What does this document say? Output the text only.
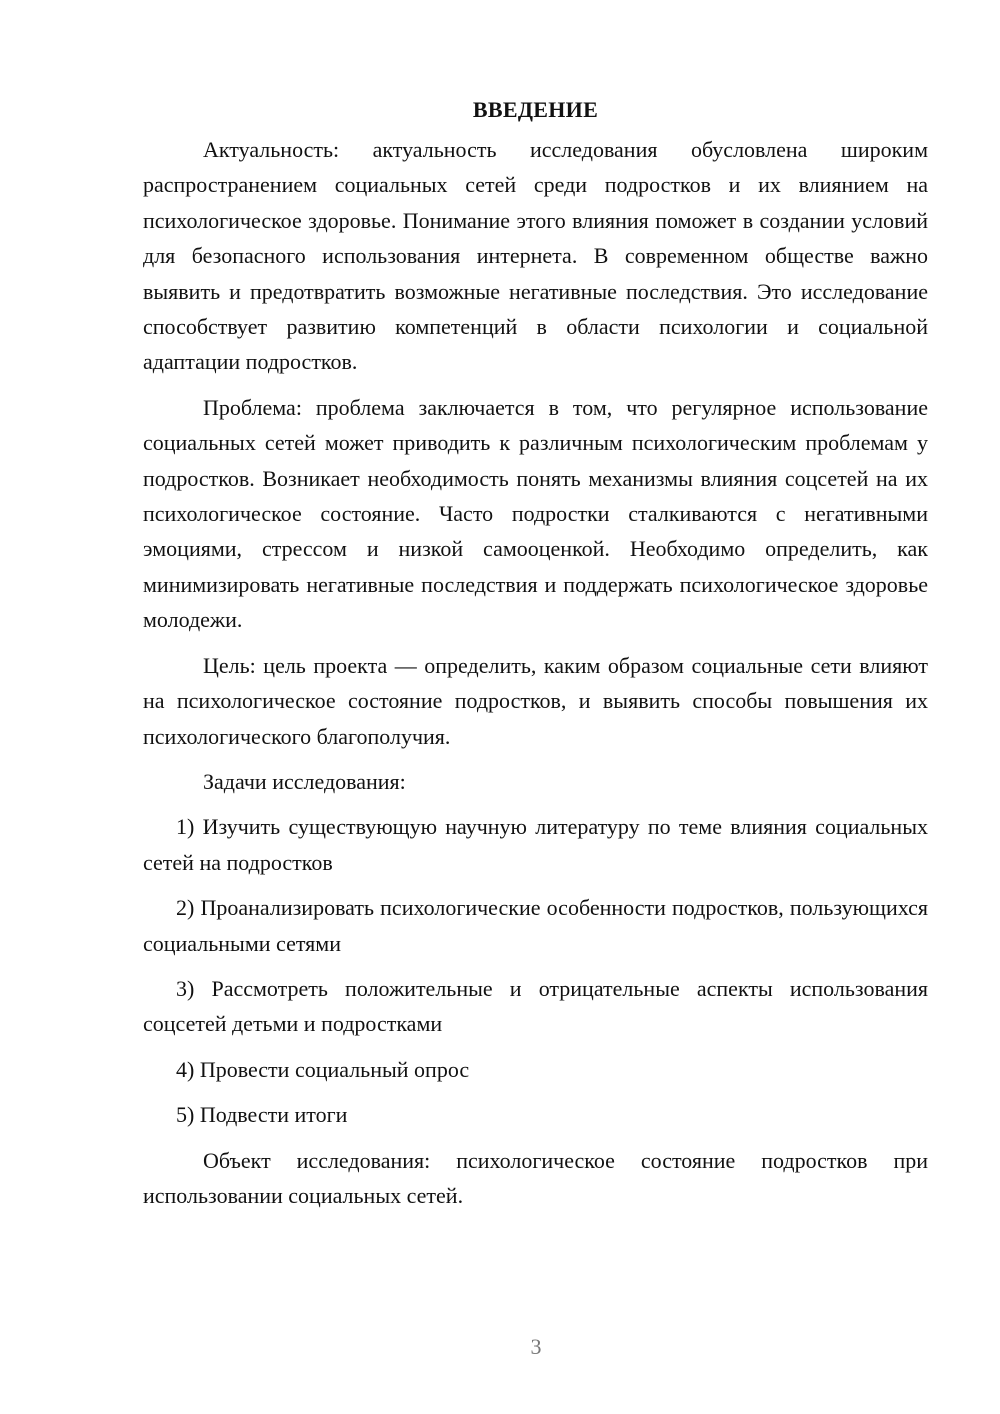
ВВЕДЕНИЕ

Актуальность: актуальность исследования обусловлена широким распространением социальных сетей среди подростков и их влиянием на психологическое здоровье. Понимание этого влияния поможет в создании условий для безопасного использования интернета. В современном обществе важно выявить и предотвратить возможные негативные последствия. Это исследование способствует развитию компетенций в области психологии и социальной адаптации подростков.

Проблема: проблема заключается в том, что регулярное использование социальных сетей может приводить к различным психологическим проблемам у подростков. Возникает необходимость понять механизмы влияния соцсетей на их психологическое состояние. Часто подростки сталкиваются с негативными эмоциями, стрессом и низкой самооценкой. Необходимо определить, как минимизировать негативные последствия и поддержать психологическое здоровье молодежи.

Цель: цель проекта — определить, каким образом социальные сети влияют на психологическое состояние подростков, и выявить способы повышения их психологического благополучия.

Задачи исследования:

1) Изучить существующую научную литературу по теме влияния социальных сетей на подростков

2) Проанализировать психологические особенности подростков, пользующихся социальными сетями

3) Рассмотреть положительные и отрицательные аспекты использования соцсетей детьми и подростками

4) Провести социальный опрос

5) Подвести итоги

Объект исследования: психологическое состояние подростков при использовании социальных сетей.

3
